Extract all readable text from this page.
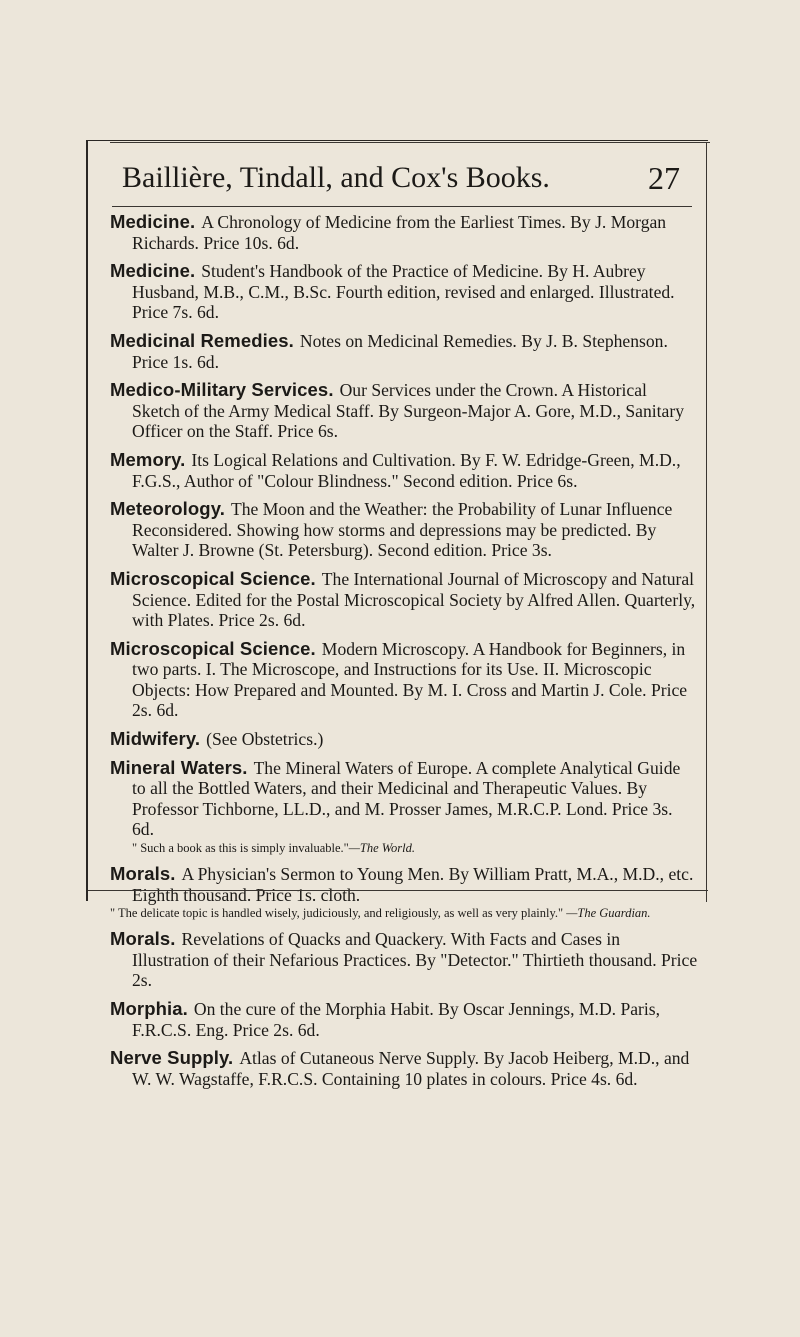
Baillière, Tindall, and Cox's Books.	27

Medicine. A Chronology of Medicine from the Earliest Times. By J. Morgan Richards. Price 10s. 6d.

Medicine. Student's Handbook of the Practice of Medicine. By H. Aubrey Husband, M.B., C.M., B.Sc. Fourth edition, revised and enlarged. Illustrated. Price 7s. 6d.

Medicinal Remedies. Notes on Medicinal Remedies. By J. B. Stephenson. Price 1s. 6d.

Medico-Military Services. Our Services under the Crown. A Historical Sketch of the Army Medical Staff. By Surgeon-Major A. Gore, M.D., Sanitary Officer on the Staff. Price 6s.

Memory. Its Logical Relations and Cultivation. By F. W. Edridge-Green, M.D., F.G.S., Author of "Colour Blindness." Second edition. Price 6s.

Meteorology. The Moon and the Weather: the Probability of Lunar Influence Reconsidered. Showing how storms and depressions may be predicted. By Walter J. Browne (St. Petersburg). Second edition. Price 3s.

Microscopical Science. The International Journal of Microscopy and Natural Science. Edited for the Postal Microscopical Society by Alfred Allen. Quarterly, with Plates. Price 2s. 6d.

Microscopical Science. Modern Microscopy. A Handbook for Beginners, in two parts. I. The Microscope, and Instructions for its Use. II. Microscopic Objects: How Prepared and Mounted. By M. I. Cross and Martin J. Cole. Price 2s. 6d.

Midwifery. (See Obstetrics.)

Mineral Waters. The Mineral Waters of Europe. A complete Analytical Guide to all the Bottled Waters, and their Medicinal and Therapeutic Values. By Professor Tichborne, LL.D., and M. Prosser James, M.R.C.P. Lond. Price 3s. 6d.
" Such a book as this is simply invaluable."—The World.

Morals. A Physician's Sermon to Young Men. By William Pratt, M.A., M.D., etc. Eighth thousand. Price 1s. cloth.
" The delicate topic is handled wisely, judiciously, and religiously, as well as very plainly." —The Guardian.

Morals. Revelations of Quacks and Quackery. With Facts and Cases in Illustration of their Nefarious Practices. By "Detector." Thirtieth thousand. Price 2s.

Morphia. On the cure of the Morphia Habit. By Oscar Jennings, M.D. Paris, F.R.C.S. Eng. Price 2s. 6d.

Nerve Supply. Atlas of Cutaneous Nerve Supply. By Jacob Heiberg, M.D., and W. W. Wagstaffe, F.R.C.S. Containing 10 plates in colours. Price 4s. 6d.
